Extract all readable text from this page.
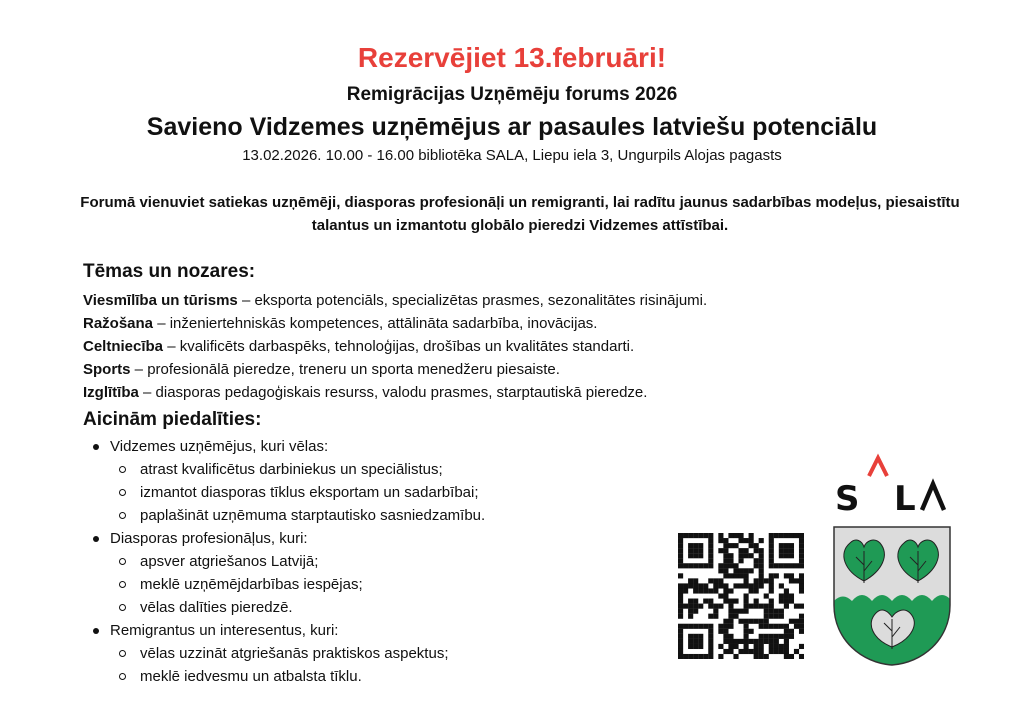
Rezervējiet 13.februāri!

Remigrācijas Uzņēmēju forums 2026

Savieno Vidzemes uzņēmējus ar pasaules latviešu potenciālu

13.02.2026. 10.00 - 16.00 bibliotēka SALA, Liepu iela 3, Ungurpils Alojas pagasts

Forumā vienuviet satiekas uzņēmēji, diasporas profesionāļi un remigranti, lai radītu jaunus sadarbības modeļus, piesaistītu talantus un izmantotu globālo pieredzi Vidzemes attīstībai.

Tēmas un nozares:

Viesmīlība un tūrisms – eksporta potenciāls, specializētas prasmes, sezonalitātes risinājumi.
Ražošana – inženiertehniskās kompetences, attālināta sadarbība, inovācijas.
Celtniecība – kvalificēts darbaspēks, tehnoloģijas, drošības un kvalitātes standarti.
Sports – profesionālā pieredze, treneru un sporta menedžeru piesaiste.
Izglītība – diasporas pedagoģiskais resurss, valodu prasmes, starptautiskā pieredze.

Aicinām piedalīties:

Vidzemes uzņēmējus, kuri vēlas:
atrast kvalificētus darbiniekus un speciālistus;
izmantot diasporas tīklus eksportam un sadarbībai;
paplašināt uzņēmuma starptautisko sasniedzamību.
Diasporas profesionāļus, kuri:
apsver atgriešanos Latvijā;
meklē uzņēmējdarbības iespējas;
vēlas dalīties pieredzē.
Remigrantus un interesentus, kuri:
vēlas uzzināt atgriešanās praktiskos aspektus;
meklē iedvesmu un atbalsta tīklu.
S L
